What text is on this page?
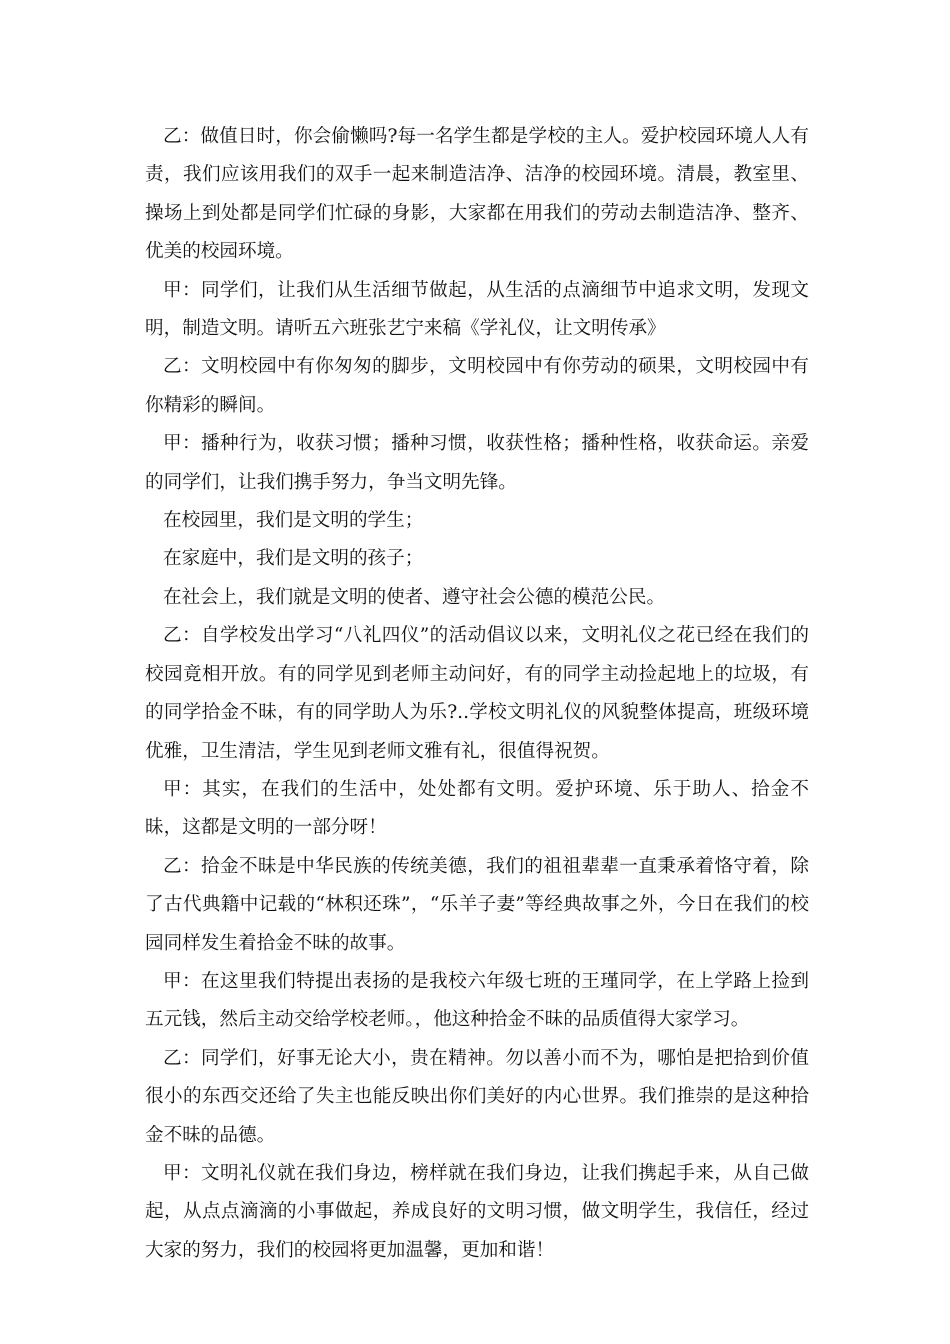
乙：做值日时，你会偷懒吗?每一名学生都是学校的主人。爱护校园环境人人有责，我们应该用我们的双手一起来制造洁净、洁净的校园环境。清晨，教室里、操场上到处都是同学们忙碌的身影，大家都在用我们的劳动去制造洁净、整齐、优美的校园环境。

甲：同学们，让我们从生活细节做起，从生活的点滴细节中追求文明，发现文明，制造文明。请听五六班张艺宁来稿《学礼仪，让文明传承》

乙：文明校园中有你匆匆的脚步，文明校园中有你劳动的硕果，文明校园中有你精彩的瞬间。

甲：播种行为，收获习惯；播种习惯，收获性格；播种性格，收获命运。亲爱的同学们，让我们携手努力，争当文明先锋。

在校园里，我们是文明的学生；

在家庭中，我们是文明的孩子；

在社会上，我们就是文明的使者、遵守社会公德的模范公民。

乙：自学校发出学习“八礼四仪”的活动倡议以来，文明礼仪之花已经在我们的校园竟相开放。有的同学见到老师主动问好，有的同学主动捡起地上的垃圾，有的同学拾金不昧，有的同学助人为乐?..学校文明礼仪的风貌整体提高，班级环境优雅，卫生清洁，学生见到老师文雅有礼，很值得祝贺。

甲：其实，在我们的生活中，处处都有文明。爱护环境、乐于助人、拾金不昧，这都是文明的一部分呀！

乙：拾金不昧是中华民族的传统美德，我们的祖祖辈辈一直秉承着恪守着，除了古代典籍中记载的“林积还珠”，“乐羊子妻”等经典故事之外，今日在我们的校园同样发生着拾金不昧的故事。

甲：在这里我们特提出表扬的是我校六年级七班的王瑾同学，在上学路上捡到五元钱，然后主动交给学校老师。，他这种拾金不昧的品质值得大家学习。

乙：同学们，好事无论大小，贵在精神。勿以善小而不为，哪怕是把拾到价值很小的东西交还给了失主也能反映出你们美好的内心世界。我们推崇的是这种拾金不昧的品德。

甲：文明礼仪就在我们身边，榜样就在我们身边，让我们携起手来，从自己做起，从点点滴滴的小事做起，养成良好的文明习惯，做文明学生，我信任，经过大家的努力，我们的校园将更加温馨，更加和谐！
